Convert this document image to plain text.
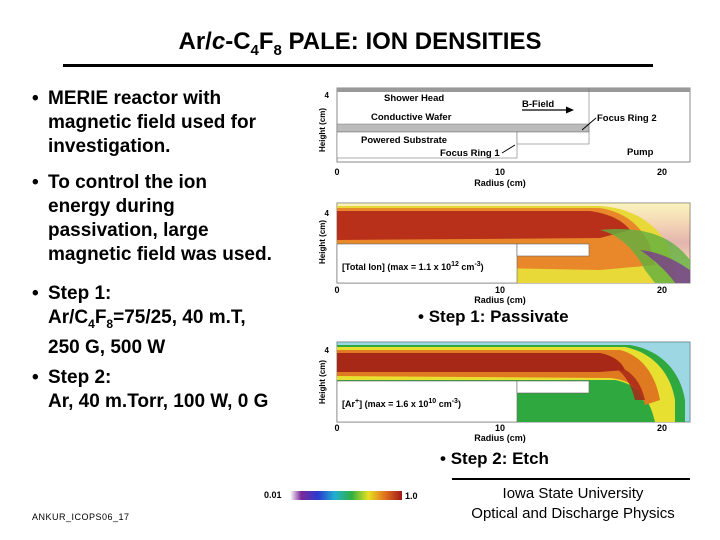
$Ar/c-C_4F_8$ PALE: ION DENSITIES
• MERIE reactor with
magnetic field used for
investigation.
• To control the ion
energy during
passivation, large
magnetic field was used.
• Step 1:
$Ar/C_4F_8=75/25$, 40 m.T,
250 G, 500 W
• Step 2:
Ar, 40 m.Torr, 100 W, 0 G
Shower Head
B-Field
Conductive Wafer	Focus Ring 2
Powered Substrate
Pump
Focus Ring 1
4
Height (cm)
0	10	20
Radius (cm)
[Total Ion] (max = 1.1 x $10^{12}$ $cm^{-3}$)
4
Height (cm)
0	10	20
Radius (cm)
[Ar+] (max = 1.6 x $10^{10}$ $cm^{-3}$)
4
Height (cm)
0	10	20
Radius (cm)
• Step 1: Passivate
• Step 2: Etch
0.01	1.0
ANKUR_ICOPS06_17
Iowa State University
Optical and Discharge Physics
